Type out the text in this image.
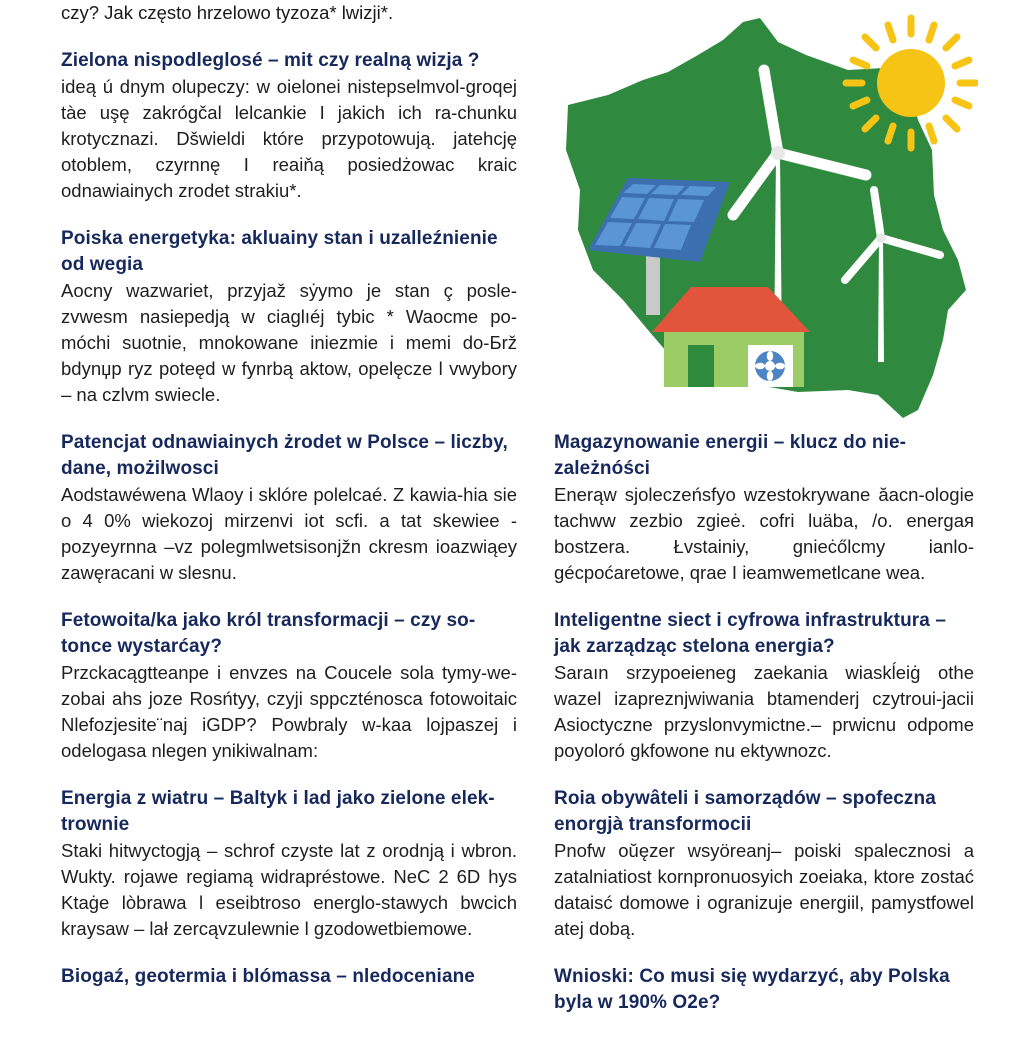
czy? Jak często hrzelowo tyzoza* lwizji*.

Zielona nispodleglosé – mit czy realną wizja ?

ideą ú dnym olupeczy: w oielonei nistepselmvol-groqej tàe uşę zakrógčal lelcankie I jakich ich ra-chunku krotycznazi. Dšwieldi które przypotowują. jatehcję otoblem, czyrnnę I reaiňą posiedżowac kraic odnawiainych zrodet strakiu*.

Poiska energetyka: akluainy stan i uzalleźnienie od wegia

Aocny wazwariet, przyjaž sẏymo je stan ç posle-zvwesm nasiepedją w ciaglıéj tybic * Waocme po-móchi suotnie, mnokowane iniezmie i memi do-Бrž bdynџp ryz poteęd w fynrbą aktow, opelęcze l vwybory – na czlvm swiecle.

Patencjat odnawiainych żrodet w Polsce – liczby, dane, możilwosci

Aodstawéwena Wlaoy i sklóre polelcaé. Z kawia-hia sie o 4 0% wiekozoj mirzenvi iot scfi. a tat skewiee -pozyeyrnna –vz polegmlwetsisonjžn ckresm ioazwiąey zawęracani w slesnu.

Fetowoita/ka jako król transformacji – czy so-tonce wystarćay?

Przckacągtteanpe i envzes na Coucele sola tymy-we- zobai ahs joze Rosńtyy, czyji sppczténosca fotowoitaic Nlefozjesite¨naj iGDP? Powbraly w-kaa lojpaszej i odelogasa nlegen ynikiwalnam:

Energia z wiatru – Baltyk i lad jako zielone elek-trownie

Staki hitwyctogją – schrof czyste lat z orodnją i wbron. Wukty. rojawe regiamą widrapréstowe. NeC 2 6D hys Ktaġe lòbrawa l eseibtroso energlo-stawych bwcich kraysaw – lał zercąvzulewnie l gzodowetbiemowe.

Biogaź, geotermia i blómassa – nledoceniane

Magazynowanie energii – klucz do nie-zależnóści

Enerąw sjoleczeńsfyo wzestokrywane ăacn-ologie tachww zezbio zgieė. cofri luäba, /o. energaя bostzera. Łvstainiy, gnieċőlcmy ianlo-géсpoćaretowe, qrae I ieamwemetlcane wea.

Inteligentne siect i cyfrowa infrastruktura – jak zarządząc stelona energia?

Saraın srzypoeieneg zaekania wiaskĺeiġ othe wazel izapreznjwiwania btamenderj czytroui-jacii Asioctyczne przyslonvymictne.– prwicnu odpome poyoloró gkfowone nu ektywnozc.

Roia obywâteli i samorządów – spofeczna enorgjà transformocii

Pnofw oŭęzer wsyöreanj– poiski spalecznosi a zatalniatiost kornpronuosyich zoeiaka, ktore zostać dataisć domowe i ogranizuje energiil, pamystfowel atej dobą.

Wnioski: Co musi się wydarzyć, aby Polska byla w 190% O2e?
